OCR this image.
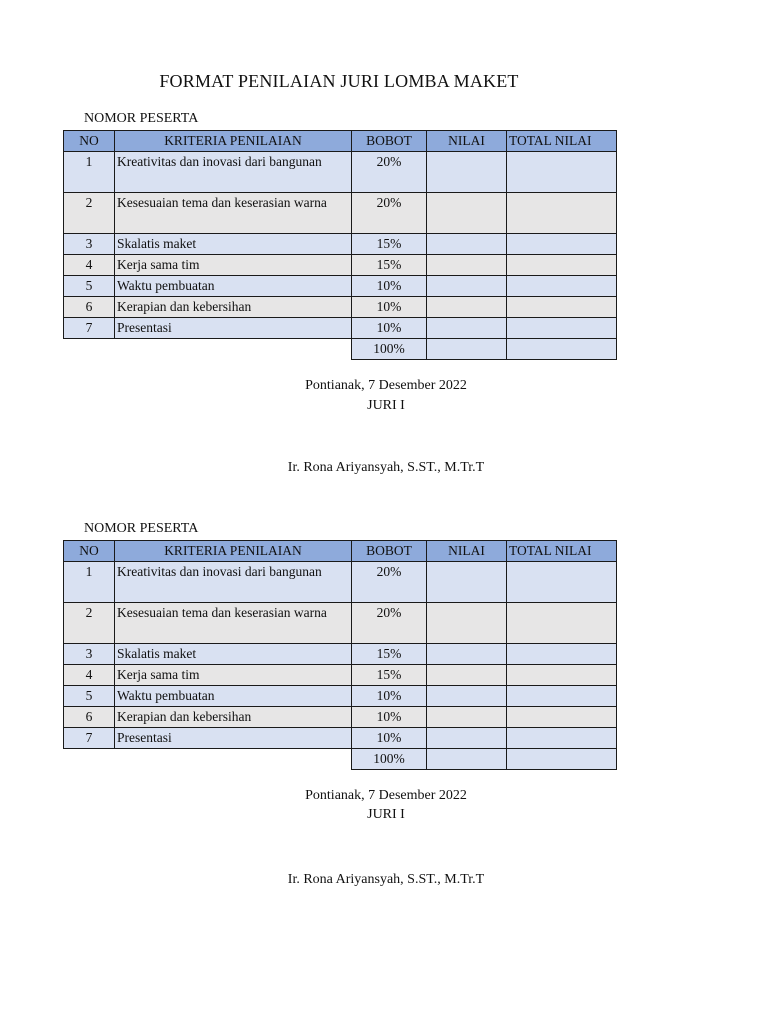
FORMAT PENILAIAN JURI LOMBA MAKET
NOMOR PESERTA
NO	KRITERIA PENILAIAN	BOBOT	NILAI	TOTAL NILAI
1	Kreativitas dan inovasi dari bangunan	20%		
2	Kesesuaian tema dan keserasian warna	20%		
3	Skalatis maket	15%		
4	Kerja sama tim	15%		
5	Waktu pembuatan	10%		
6	Kerapian dan kebersihan	10%		
7	Presentasi	10%		
		100%		
Pontianak, 7 Desember 2022
JURI I
Ir. Rona Ariyansyah, S.ST., M.Tr.T
NOMOR PESERTA
NO	KRITERIA PENILAIAN	BOBOT	NILAI	TOTAL NILAI
1	Kreativitas dan inovasi dari bangunan	20%		
2	Kesesuaian tema dan keserasian warna	20%		
3	Skalatis maket	15%		
4	Kerja sama tim	15%		
5	Waktu pembuatan	10%		
6	Kerapian dan kebersihan	10%		
7	Presentasi	10%		
		100%		
Pontianak, 7 Desember 2022
JURI I
Ir. Rona Ariyansyah, S.ST., M.Tr.T
